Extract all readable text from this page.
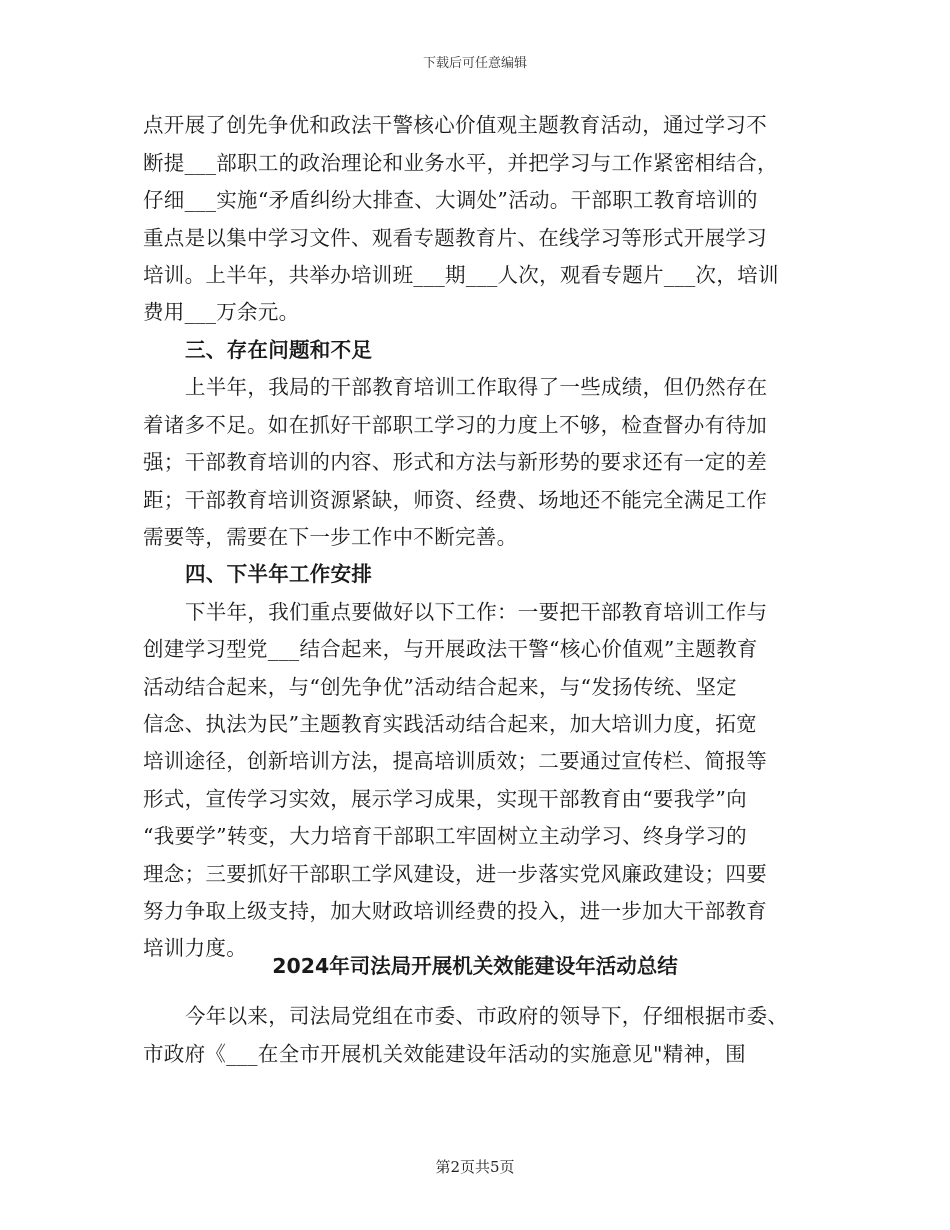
下载后可任意编辑
点开展了创先争优和政法干警核心价值观主题教育活动，通过学习不
断提___部职工的政治理论和业务水平，并把学习与工作紧密相结合，
仔细___实施“矛盾纠纷大排查、大调处”活动。干部职工教育培训的
重点是以集中学习文件、观看专题教育片、在线学习等形式开展学习
培训。上半年，共举办培训班___期___人次，观看专题片___次，培训
费用___万余元。
三、存在问题和不足
上半年，我局的干部教育培训工作取得了一些成绩，但仍然存在
着诸多不足。如在抓好干部职工学习的力度上不够，检查督办有待加
强；干部教育培训的内容、形式和方法与新形势的要求还有一定的差
距；干部教育培训资源紧缺，师资、经费、场地还不能完全满足工作
需要等，需要在下一步工作中不断完善。
四、下半年工作安排
下半年，我们重点要做好以下工作：一要把干部教育培训工作与
创建学习型党___结合起来，与开展政法干警“核心价值观”主题教育
活动结合起来，与“创先争优”活动结合起来，与“发扬传统、坚定
信念、执法为民”主题教育实践活动结合起来，加大培训力度，拓宽
培训途径，创新培训方法，提高培训质效；二要通过宣传栏、简报等
形式，宣传学习实效，展示学习成果，实现干部教育由“要我学”向
“我要学”转变，大力培育干部职工牢固树立主动学习、终身学习的
理念；三要抓好干部职工学风建设，进一步落实党风廉政建设；四要
努力争取上级支持，加大财政培训经费的投入，进一步加大干部教育
培训力度。
2024年司法局开展机关效能建设年活动总结
今年以来，司法局党组在市委、市政府的领导下，仔细根据市委、
市政府《___在全市开展机关效能建设年活动的实施意见"精神，围
第2页共5页
